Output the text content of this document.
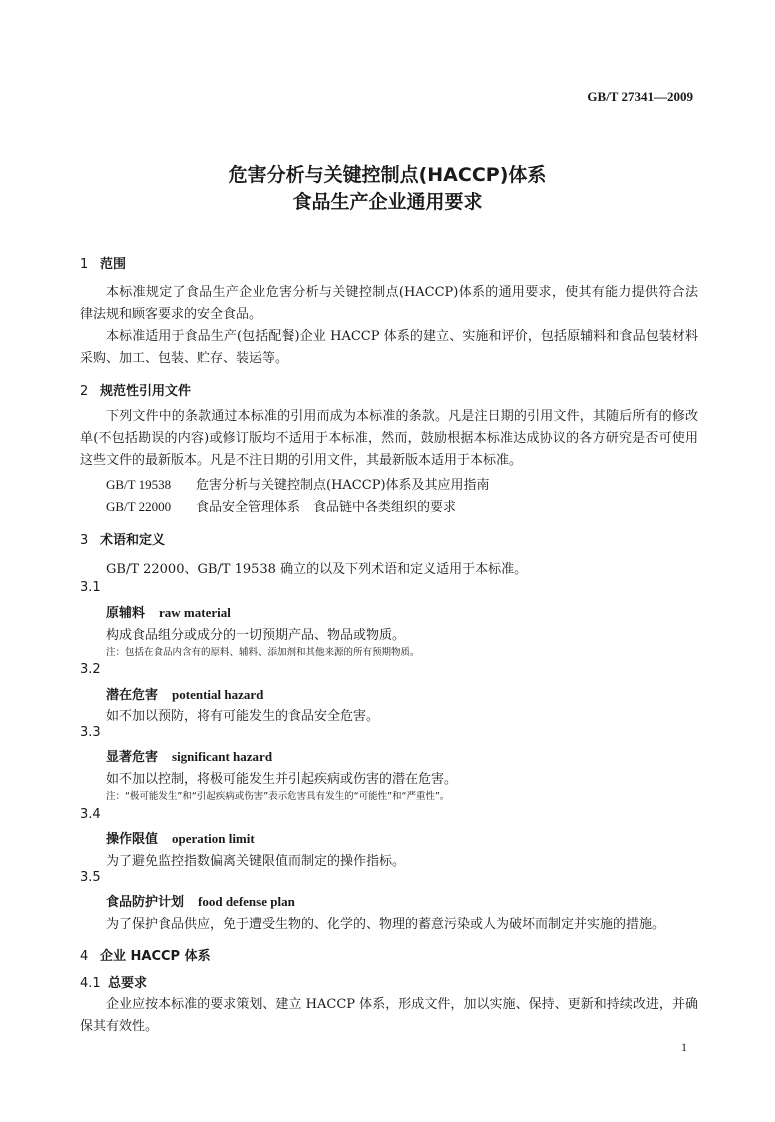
GB/T 27341—2009
危害分析与关键控制点(HACCP)体系
食品生产企业通用要求
1 范围
本标准规定了食品生产企业危害分析与关键控制点(HACCP)体系的通用要求，使其有能力提供符合法律法规和顾客要求的安全食品。
本标准适用于食品生产(包括配餐)企业 HACCP 体系的建立、实施和评价，包括原辅料和食品包装材料采购、加工、包装、贮存、装运等。
2 规范性引用文件
下列文件中的条款通过本标准的引用而成为本标准的条款。凡是注日期的引用文件，其随后所有的修改单(不包括勘误的内容)或修订版均不适用于本标准，然而，鼓励根据本标准达成协议的各方研究是否可使用这些文件的最新版本。凡是不注日期的引用文件，其最新版本适用于本标准。
GB/T 19538 危害分析与关键控制点(HACCP)体系及其应用指南
GB/T 22000 食品安全管理体系　食品链中各类组织的要求
3 术语和定义
GB/T 22000、GB/T 19538 确立的以及下列术语和定义适用于本标准。
3.1
原辅料 raw material
构成食品组分或成分的一切预期产品、物品或物质。
注：包括在食品内含有的原料、辅料、添加剂和其他来源的所有预期物质。
3.2
潜在危害 potential hazard
如不加以预防，将有可能发生的食品安全危害。
3.3
显著危害 significant hazard
如不加以控制，将极可能发生并引起疾病或伤害的潜在危害。
注：“极可能发生”和“引起疾病或伤害”表示危害具有发生的“可能性”和“严重性”。
3.4
操作限值 operation limit
为了避免监控指数偏离关键限值而制定的操作指标。
3.5
食品防护计划 food defense plan
为了保护食品供应，免于遭受生物的、化学的、物理的蓄意污染或人为破坏而制定并实施的措施。
4 企业 HACCP 体系
4.1 总要求
企业应按本标准的要求策划、建立 HACCP 体系，形成文件，加以实施、保持、更新和持续改进，并确保其有效性。
1
